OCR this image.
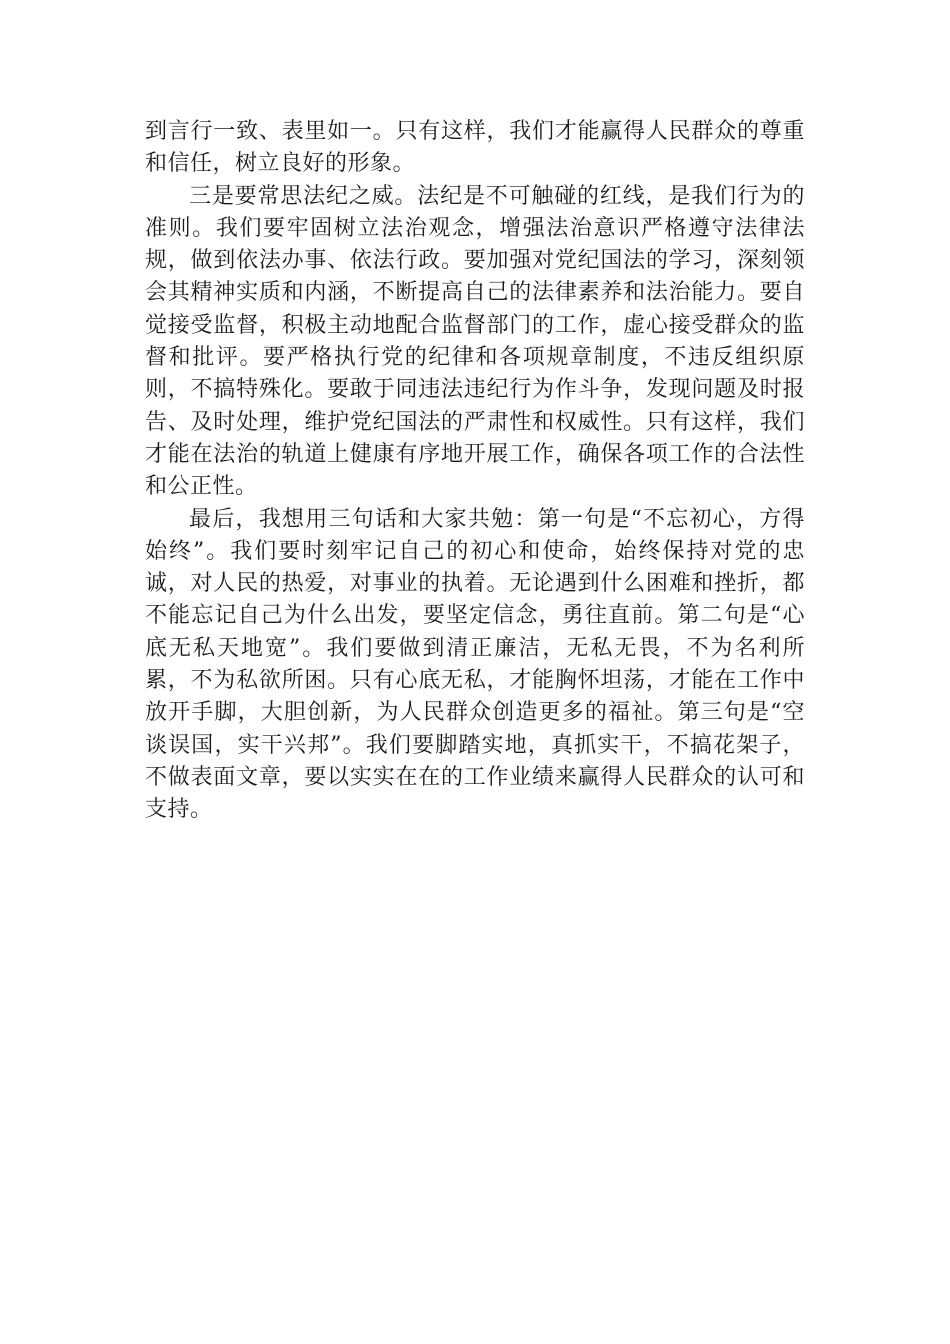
到言行一致、表里如一。只有这样，我们才能赢得人民群众的尊重和信任，树立良好的形象。

三是要常思法纪之威。法纪是不可触碰的红线，是我们行为的准则。我们要牢固树立法治观念，增强法治意识严格遵守法律法规，做到依法办事、依法行政。要加强对党纪国法的学习，深刻领会其精神实质和内涵，不断提高自己的法律素养和法治能力。要自觉接受监督，积极主动地配合监督部门的工作，虚心接受群众的监督和批评。要严格执行党的纪律和各项规章制度，不违反组织原则，不搞特殊化。要敢于同违法违纪行为作斗争，发现问题及时报告、及时处理，维护党纪国法的严肃性和权威性。只有这样，我们才能在法治的轨道上健康有序地开展工作，确保各项工作的合法性和公正性。

最后，我想用三句话和大家共勉：第一句是“不忘初心，方得始终”。我们要时刻牢记自己的初心和使命，始终保持对党的忠诚，对人民的热爱，对事业的执着。无论遇到什么困难和挫折，都不能忘记自己为什么出发，要坚定信念，勇往直前。第二句是“心底无私天地宽”。我们要做到清正廉洁，无私无畏，不为名利所累，不为私欲所困。只有心底无私，才能胸怀坦荡，才能在工作中放开手脚，大胆创新，为人民群众创造更多的福祉。第三句是“空谈误国，实干兴邦”。我们要脚踏实地，真抓实干，不搞花架子，不做表面文章，要以实实在在的工作业绩来赢得人民群众的认可和支持。
